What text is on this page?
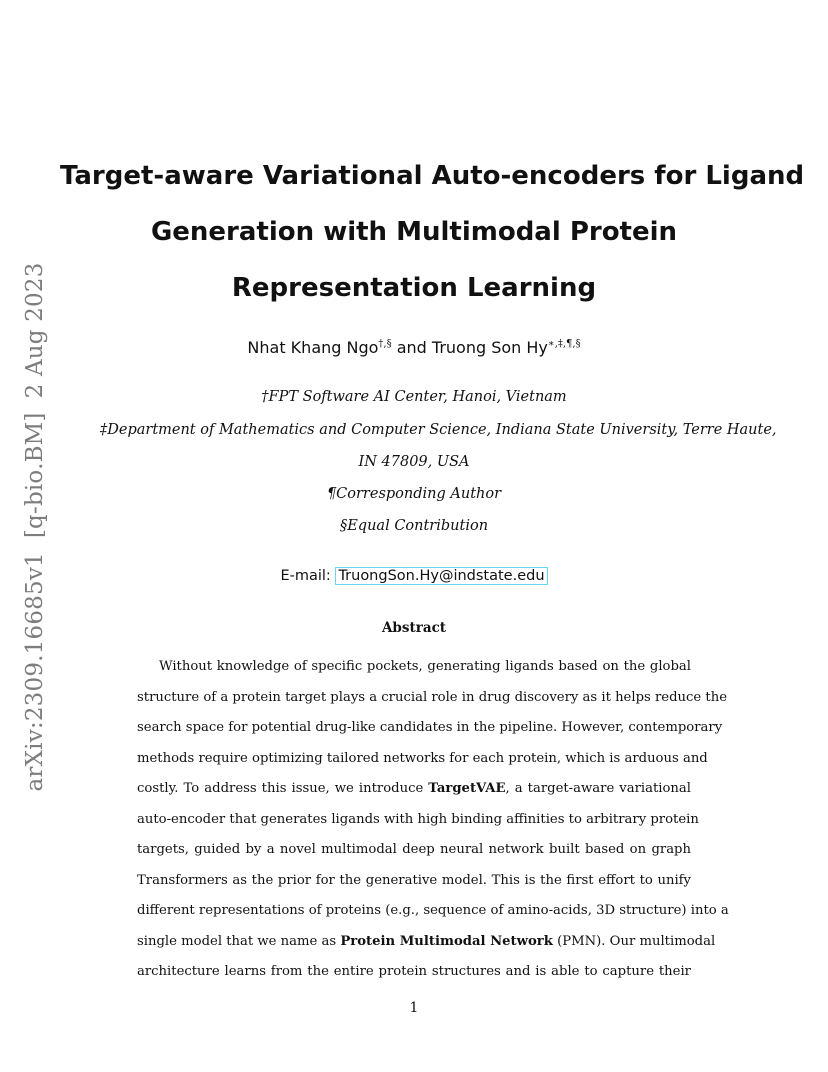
arXiv:2309.16685v1[q-bio.BM]2 Aug 2023
Target-aware Variational Auto-encoders for Ligand
Generation with Multimodal Protein
Representation Learning
Nhat Khang Ngo†,§ and Truong Son Hy∗,‡,¶,§
†FPT Software AI Center, Hanoi, Vietnam
‡Department of Mathematics and Computer Science, Indiana State University, Terre Haute,
IN 47809, USA
¶Corresponding Author
§Equal Contribution
E-mail: TruongSon.Hy@indstate.edu
Abstract
Without knowledge of specific pockets, generating ligands based on the global
structure of a protein target plays a crucial role in drug discovery as it helps reduce the
search space for potential drug-like candidates in the pipeline. However, contemporary
methods require optimizing tailored networks for each protein, which is arduous and
costly. To address this issue, we introduce TargetVAE, a target-aware variational
auto-encoder that generates ligands with high binding affinities to arbitrary protein
targets, guided by a novel multimodal deep neural network built based on graph
Transformers as the prior for the generative model. This is the first effort to unify
different representations of proteins (e.g., sequence of amino-acids, 3D structure) into a
single model that we name as Protein Multimodal Network (PMN). Our multimodal
architecture learns from the entire protein structures and is able to capture their
1
